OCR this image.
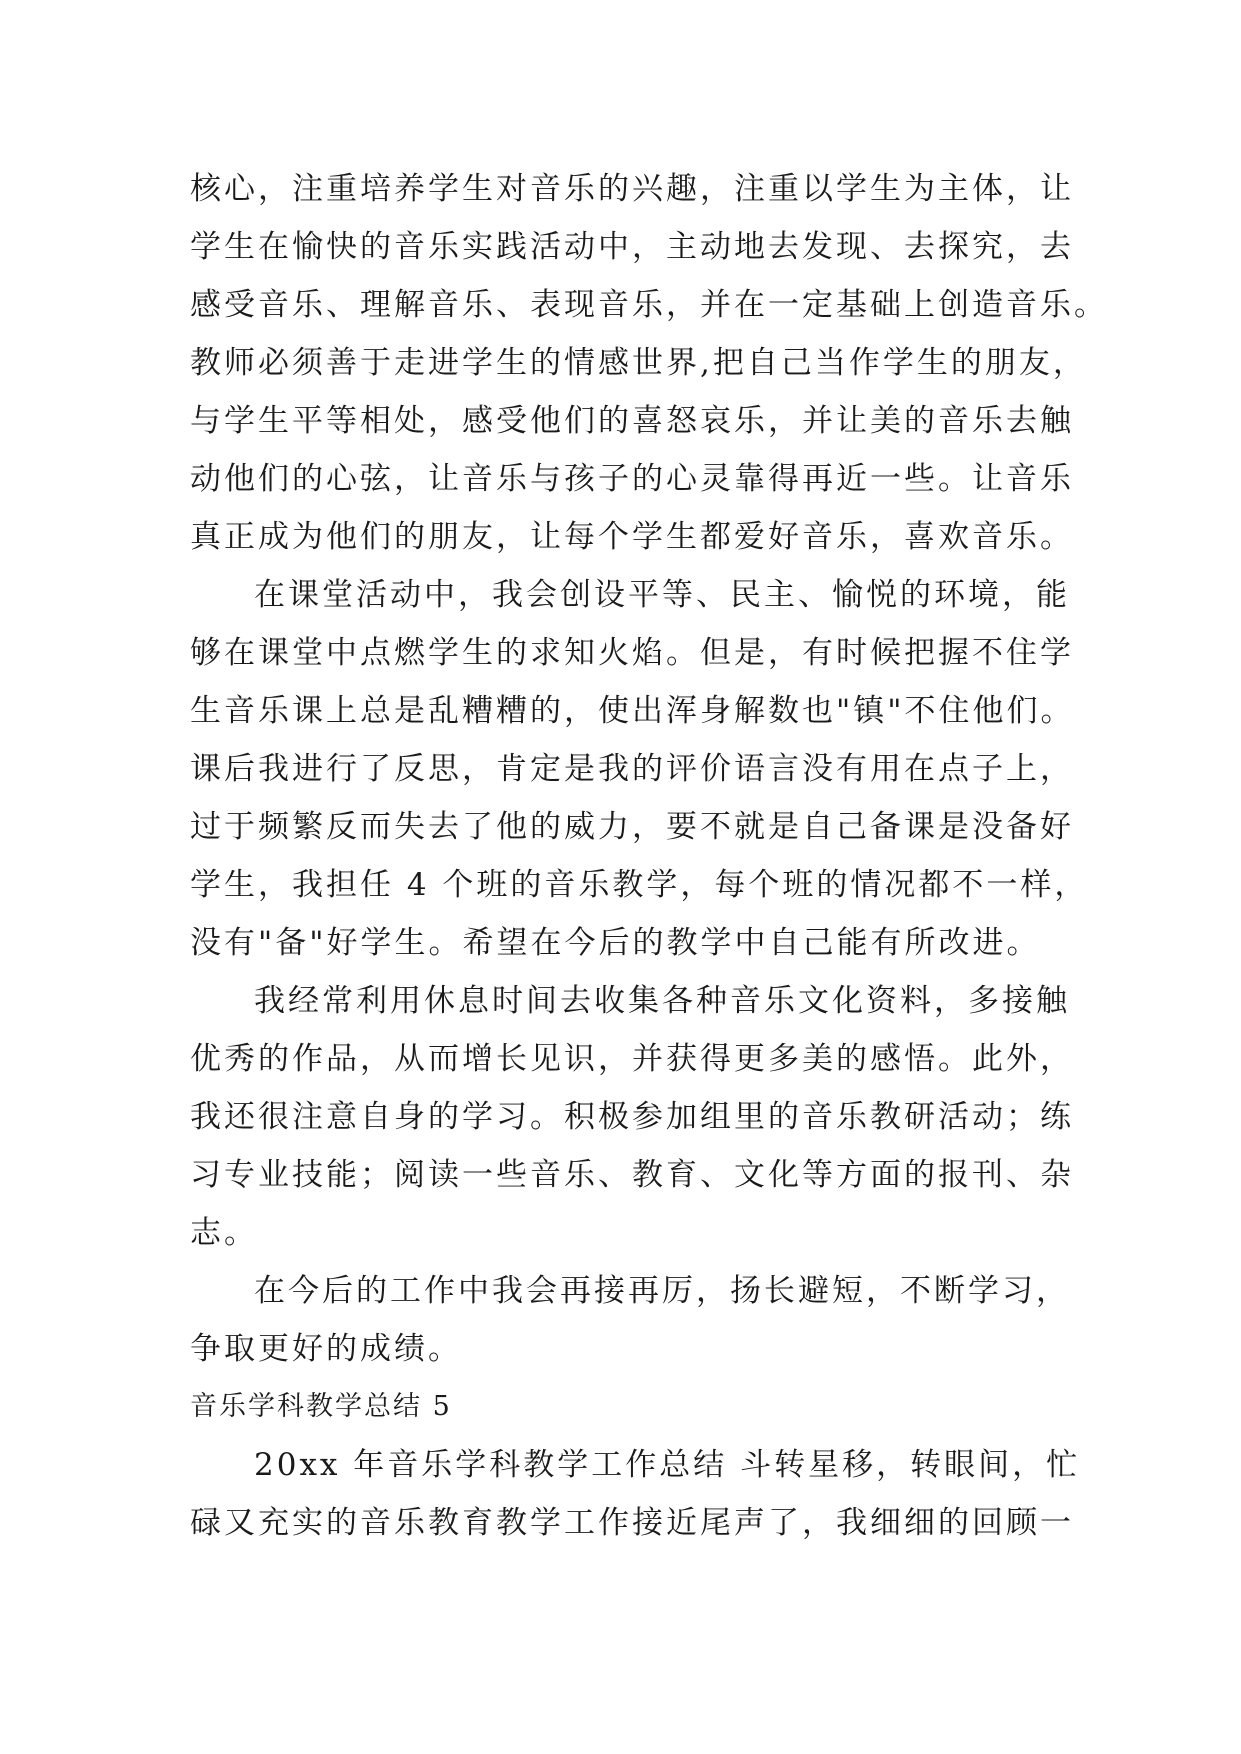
核心，注重培养学生对音乐的兴趣，注重以学生为主体，让
学生在愉快的音乐实践活动中，主动地去发现、去探究，去
感受音乐、理解音乐、表现音乐，并在一定基础上创造音乐。
教师必须善于走进学生的情感世界,把自己当作学生的朋友，
与学生平等相处，感受他们的喜怒哀乐，并让美的音乐去触
动他们的心弦，让音乐与孩子的心灵靠得再近一些。让音乐
真正成为他们的朋友，让每个学生都爱好音乐，喜欢音乐。
在课堂活动中，我会创设平等、民主、愉悦的环境，能
够在课堂中点燃学生的求知火焰。但是，有时候把握不住学
生音乐课上总是乱糟糟的，使出浑身解数也"镇"不住他们。
课后我进行了反思，肯定是我的评价语言没有用在点子上，
过于频繁反而失去了他的威力，要不就是自己备课是没备好
学生，我担任 4 个班的音乐教学，每个班的情况都不一样，
没有"备"好学生。希望在今后的教学中自己能有所改进。
我经常利用休息时间去收集各种音乐文化资料，多接触
优秀的作品，从而增长见识，并获得更多美的感悟。此外，
我还很注意自身的学习。积极参加组里的音乐教研活动；练
习专业技能；阅读一些音乐、教育、文化等方面的报刊、杂
志。
在今后的工作中我会再接再厉，扬长避短，不断学习，
争取更好的成绩。
音乐学科教学总结 5
20xx 年音乐学科教学工作总结 斗转星移，转眼间，忙
碌又充实的音乐教育教学工作接近尾声了，我细细的回顾一
